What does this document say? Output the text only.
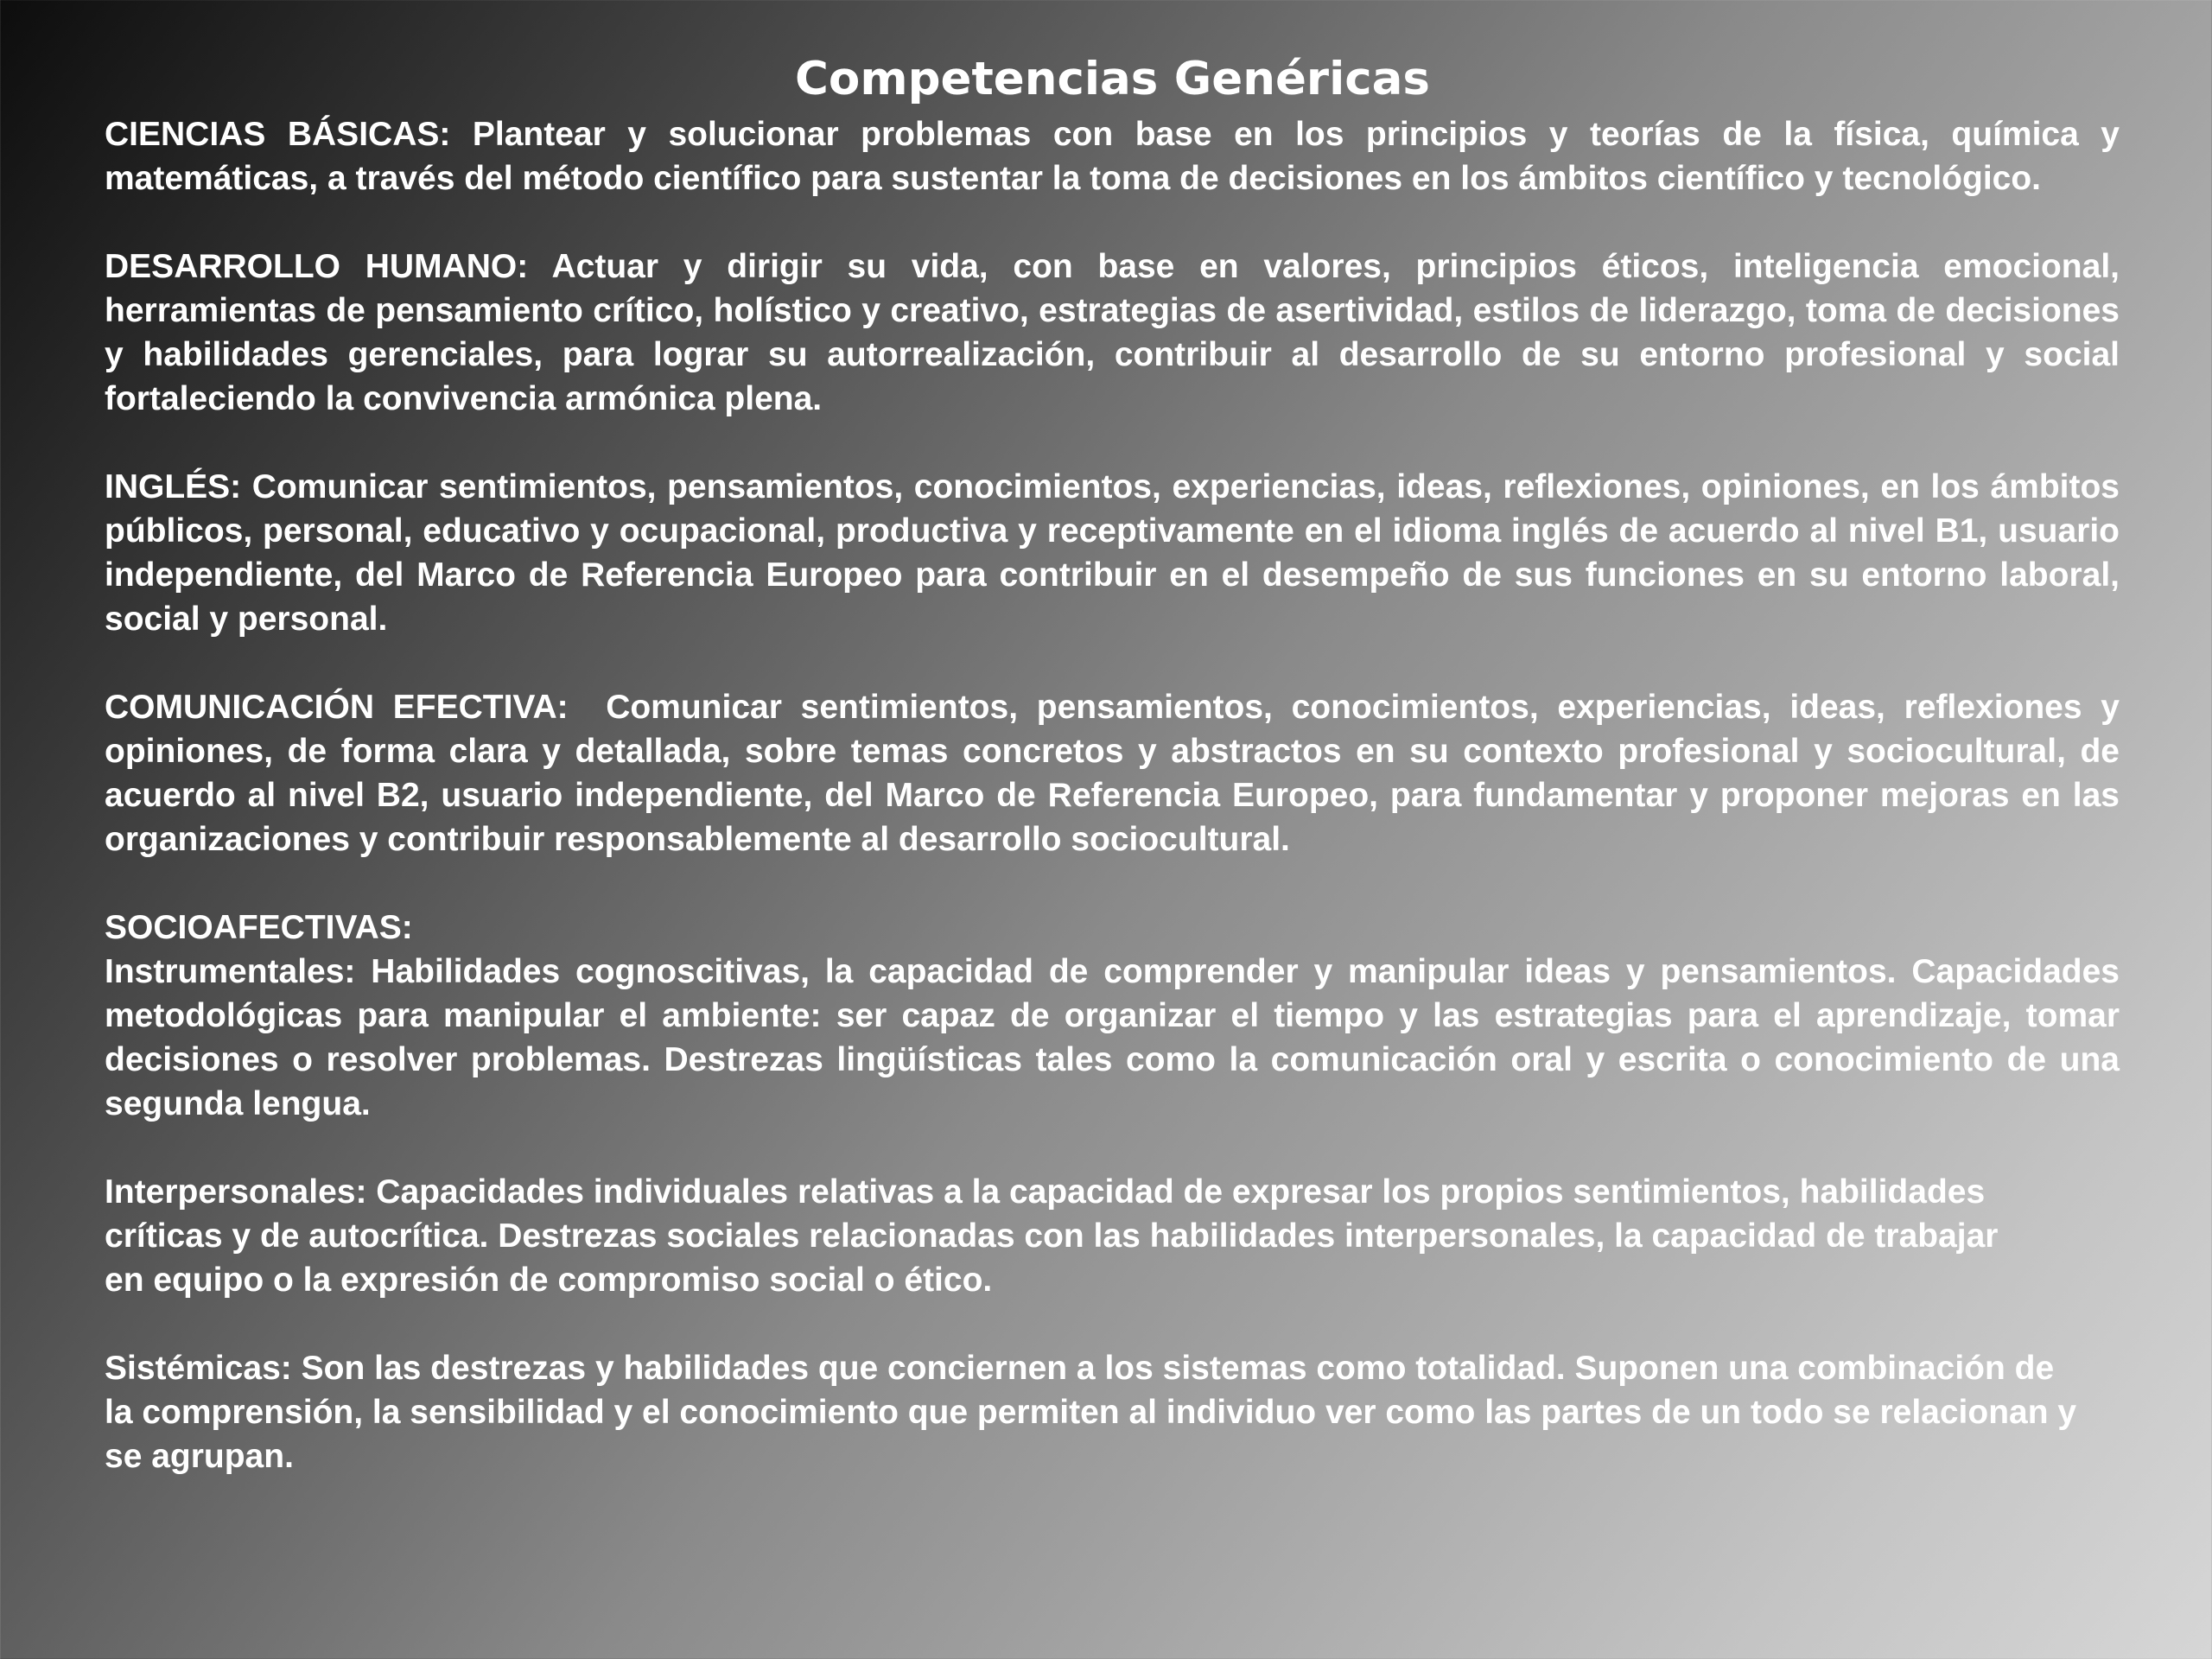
Competencias Genéricas

CIENCIAS BÁSICAS: Plantear y solucionar problemas con base en los principios y teorías de la física, química y matemáticas, a través del método científico para sustentar la toma de decisiones en los ámbitos científico y tecnológico.

DESARROLLO HUMANO: Actuar y dirigir su vida, con base en valores, principios éticos, inteligencia emocional, herramientas de pensamiento crítico, holístico y creativo, estrategias de asertividad, estilos de liderazgo, toma de decisiones y habilidades gerenciales, para lograr su autorrealización, contribuir al desarrollo de su entorno profesional y social fortaleciendo la convivencia armónica plena.

INGLÉS: Comunicar sentimientos, pensamientos, conocimientos, experiencias, ideas, reflexiones, opiniones, en los ámbitos públicos, personal, educativo y ocupacional, productiva y receptivamente en el idioma inglés de acuerdo al nivel B1, usuario independiente, del Marco de Referencia Europeo para contribuir en el desempeño de sus funciones en su entorno laboral, social y personal.

COMUNICACIÓN EFECTIVA:  Comunicar sentimientos, pensamientos, conocimientos, experiencias, ideas, reflexiones y opiniones, de forma clara y detallada, sobre temas concretos y abstractos en su contexto profesional y sociocultural, de acuerdo al nivel B2, usuario independiente, del Marco de Referencia Europeo, para fundamentar y proponer mejoras en las organizaciones y contribuir responsablemente al desarrollo sociocultural.

SOCIOAFECTIVAS:

Instrumentales: Habilidades cognoscitivas, la capacidad de comprender y manipular ideas y pensamientos. Capacidades metodológicas para manipular el ambiente: ser capaz de organizar el tiempo y las estrategias para el aprendizaje, tomar decisiones o resolver problemas. Destrezas lingüísticas tales como la comunicación oral y escrita o conocimiento de una segunda lengua.

Interpersonales: Capacidades individuales relativas a la capacidad de expresar los propios sentimientos, habilidades críticas y de autocrítica. Destrezas sociales relacionadas con las habilidades interpersonales, la capacidad de trabajar en equipo o la expresión de compromiso social o ético.

Sistémicas: Son las destrezas y habilidades que conciernen a los sistemas como totalidad. Suponen una combinación de la comprensión, la sensibilidad y el conocimiento que permiten al individuo ver como las partes de un todo se relacionan y se agrupan.
